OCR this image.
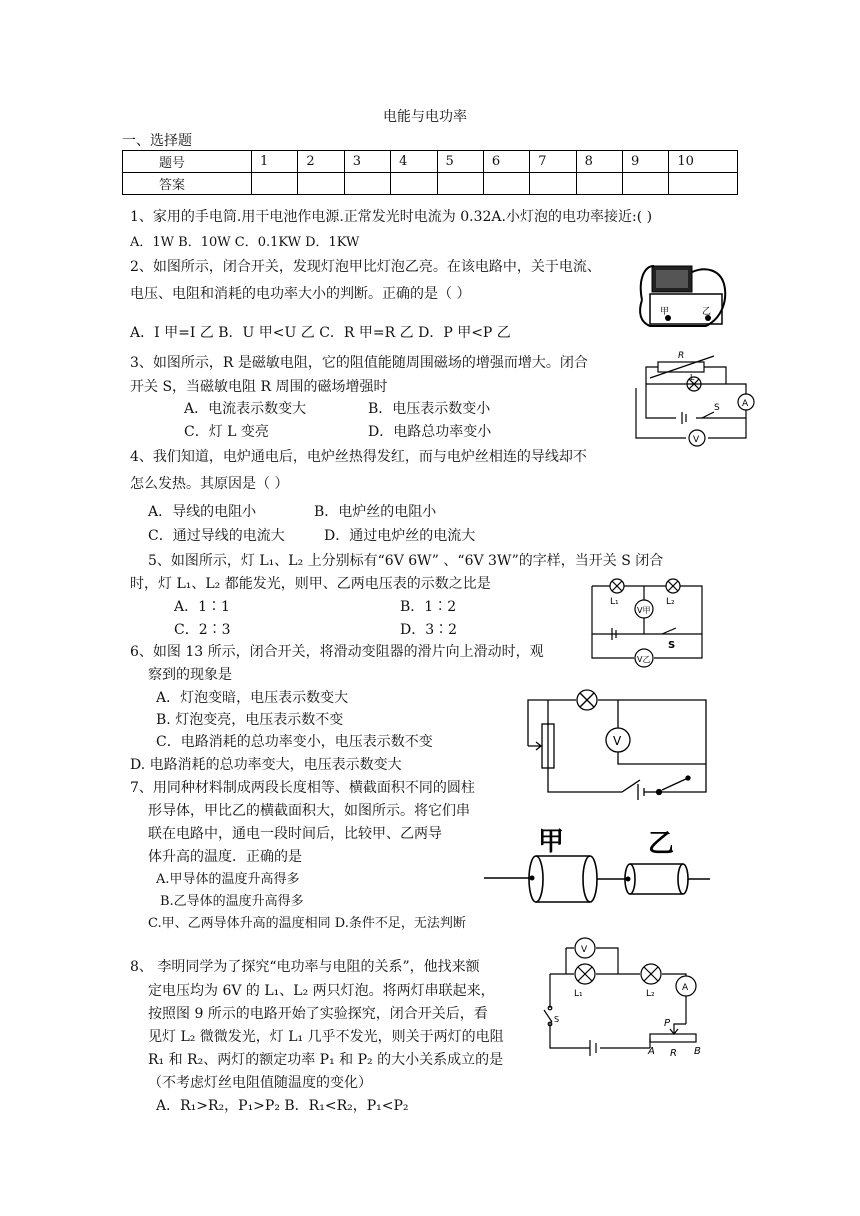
电能与电功率
一、选择题
题号	1	2	3	4	5	6	7	8	9	10
答案										
1、家用的手电筒.用干电池作电源.正常发光时电流为 0.32A.小灯泡的电功率接近:( )
A．1W B．10W C．0.1KW D．1KW
2、如图所示，闭合开关，发现灯泡甲比灯泡乙亮。在该电路中，关于电流、
电压、电阻和消耗的电功率大小的判断。正确的是（ ）
A．I 甲=I 乙 B．U 甲<U 乙 C．R 甲=R 乙 D．P 甲<P 乙
甲	乙
3、如图所示，R 是磁敏电阻，它的阻值能随周围磁场的增强而增大。闭合
开关 S，当磁敏电阻 R 周围的磁场增强时
A．电流表示数变大	B．电压表示数变小
C．灯 L 变亮	D．电路总功率变小
R
L
S A
V
4、我们知道，电炉通电后，电炉丝热得发红，而与电炉丝相连的导线却不
怎么发热。其原因是（ ）
A．导线的电阻小	B．电炉丝的电阻小
C．通过导线的电流大	D．通过电炉丝的电流大
5、如图所示，灯 L₁、L₂ 上分别标有“6V 6W” 、“6V 3W”的字样，当开关 S 闭合
时，灯 L₁、L₂ 都能发光，则甲、乙两电压表的示数之比是
A．1∶1	B．1∶2
C．2∶3	D．3∶2
L₁	L₂
V甲
V乙
S
6、如图 13 所示，闭合开关，将滑动变阻器的滑片向上滑动时，观
察到的现象是
A．灯泡变暗，电压表示数变大
B. 灯泡变亮，电压表示数不变
C．电路消耗的总功率变小，电压表示数不变
D. 电路消耗的总功率变大，电压表示数变大
V
7、用同种材料制成两段长度相等、横截面积不同的圆柱
形导体，甲比乙的横截面积大，如图所示。将它们串
联在电路中，通电一段时间后，比较甲、乙两导
体升高的温度．正确的是
A.甲导体的温度升高得多
B.乙导体的温度升高得多
C.甲、乙两导体升高的温度相同 D.条件不足，无法判断
甲	乙
8、 李明同学为了探究“电功率与电阻的关系”，他找来额
定电压均为 6V 的 L₁、L₂ 两只灯泡。将两灯串联起来，
按照图 9 所示的电路开始了实验探究，闭合开关后，看
见灯 L₂ 微微发光，灯 L₁ 几乎不发光，则关于两灯的电阻
R₁ 和 R₂、两灯的额定功率 P₁ 和 P₂ 的大小关系成立的是
（不考虑灯丝电阻值随温度的变化）
A．R₁>R₂，P₁>P₂ B．R₁<R₂，P₁<P₂
V
L₁	L₂
A
S	P
A R B
